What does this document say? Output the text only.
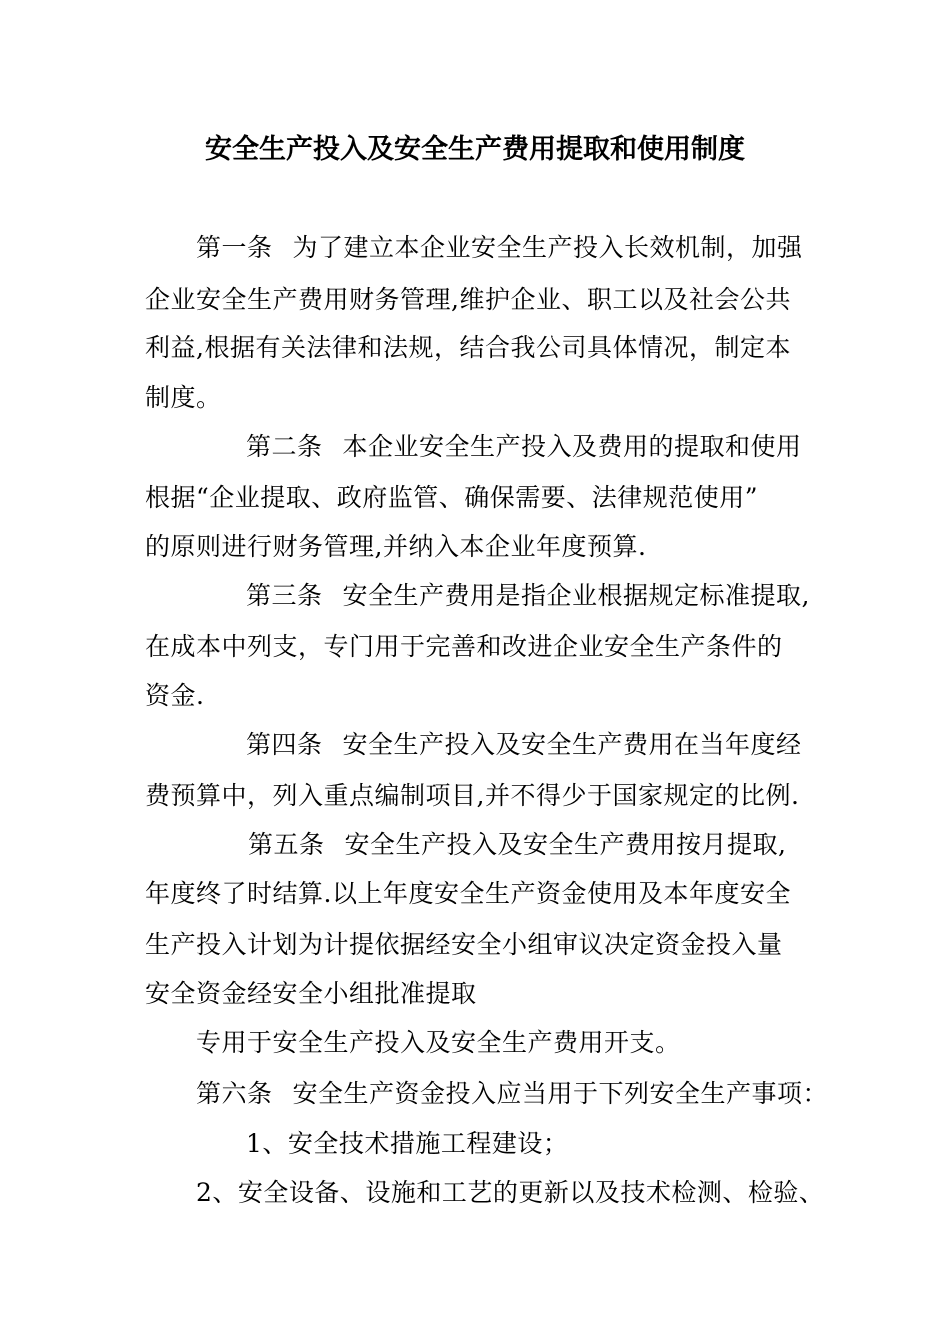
安全生产投入及安全生产费用提取和使用制度
第一条 为了建立本企业安全生产投入长效机制，加强
企业安全生产费用财务管理,维护企业、职工以及社会公共
利益,根据有关法律和法规，结合我公司具体情况，制定本
制度。
第二条 本企业安全生产投入及费用的提取和使用
根据“企业提取、政府监管、确保需要、法律规范使用”
的原则进行财务管理,并纳入本企业年度预算.
第三条 安全生产费用是指企业根据规定标准提取,
在成本中列支，专门用于完善和改进企业安全生产条件的
资金.
第四条 安全生产投入及安全生产费用在当年度经
费预算中，列入重点编制项目,并不得少于国家规定的比例.
第五条 安全生产投入及安全生产费用按月提取,
年度终了时结算.以上年度安全生产资金使用及本年度安全
生产投入计划为计提依据经安全小组审议决定资金投入量
安全资金经安全小组批准提取
专用于安全生产投入及安全生产费用开支。
第六条 安全生产资金投入应当用于下列安全生产事项：
1、安全技术措施工程建设；
2、安全设备、设施和工艺的更新以及技术检测、检验、
